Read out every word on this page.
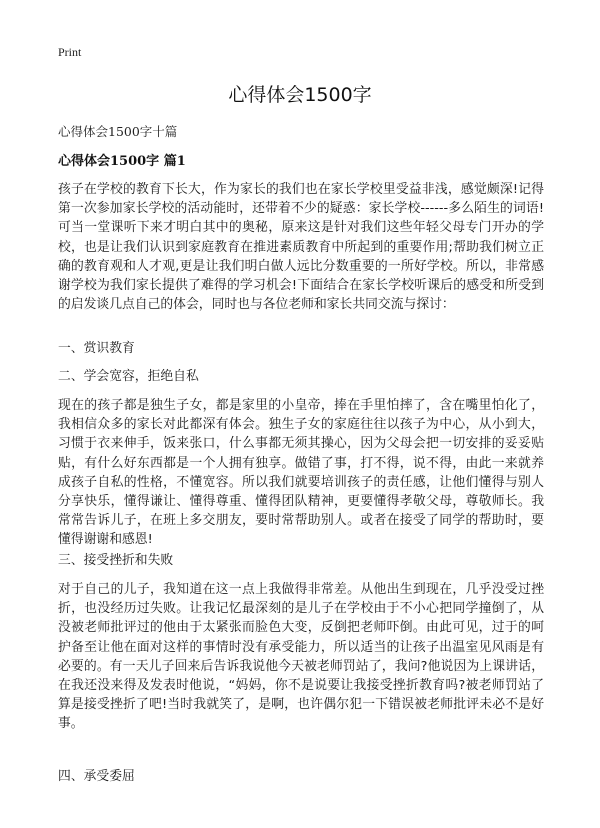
Print
心得体会1500字
心得体会1500字十篇
心得体会1500字 篇1

孩子在学校的教育下长大，作为家长的我们也在家长学校里受益非浅，感觉颇深!记得第一次参加家长学校的活动能时，还带着不少的疑惑：家长学校------多么陌生的词语!可当一堂课听下来才明白其中的奥秘，原来这是针对我们这些年轻父母专门开办的学校，也是让我们认识到家庭教育在推进素质教育中所起到的重要作用;帮助我们树立正确的教育观和人才观,更是让我们明白做人远比分数重要的一所好学校。所以，非常感谢学校为我们家长提供了难得的学习机会!下面结合在家长学校听课后的感受和所受到的启发谈几点自己的体会，同时也与各位老师和家长共同交流与探讨：

一、赏识教育

二、学会宽容，拒绝自私

现在的孩子都是独生子女，都是家里的小皇帝，捧在手里怕摔了，含在嘴里怕化了，我相信众多的家长对此都深有体会。独生子女的家庭往往以孩子为中心，从小到大，习惯于衣来伸手，饭来张口，什么事都无须其操心，因为父母会把一切安排的妥妥贴贴，有什么好东西都是一个人拥有独享。做错了事，打不得，说不得，由此一来就养成孩子自私的性格，不懂宽容。所以我们就要培训孩子的责任感，让他们懂得与别人分享快乐，懂得谦让、懂得尊重、懂得团队精神，更要懂得孝敬父母，尊敬师长。我常常告诉儿子，在班上多交朋友，要时常帮助别人。或者在接受了同学的帮助时，要懂得谢谢和感恩!

三、接受挫折和失败

对于自己的儿子，我知道在这一点上我做得非常差。从他出生到现在，几乎没受过挫折，也没经历过失败。让我记忆最深刻的是儿子在学校由于不小心把同学撞倒了，从没被老师批评过的他由于太紧张而脸色大变，反倒把老师吓倒。由此可见，过于的呵护备至让他在面对这样的事情时没有承受能力，所以适当的让孩子出温室见风雨是有必要的。有一天儿子回来后告诉我说他今天被老师罚站了，我问?他说因为上课讲话，在我还没来得及发表时他说，“妈妈，你不是说要让我接受挫折教育吗?被老师罚站了算是接受挫折了吧!当时我就笑了，是啊，也许偶尔犯一下错误被老师批评未必不是好事。

四、承受委屈
